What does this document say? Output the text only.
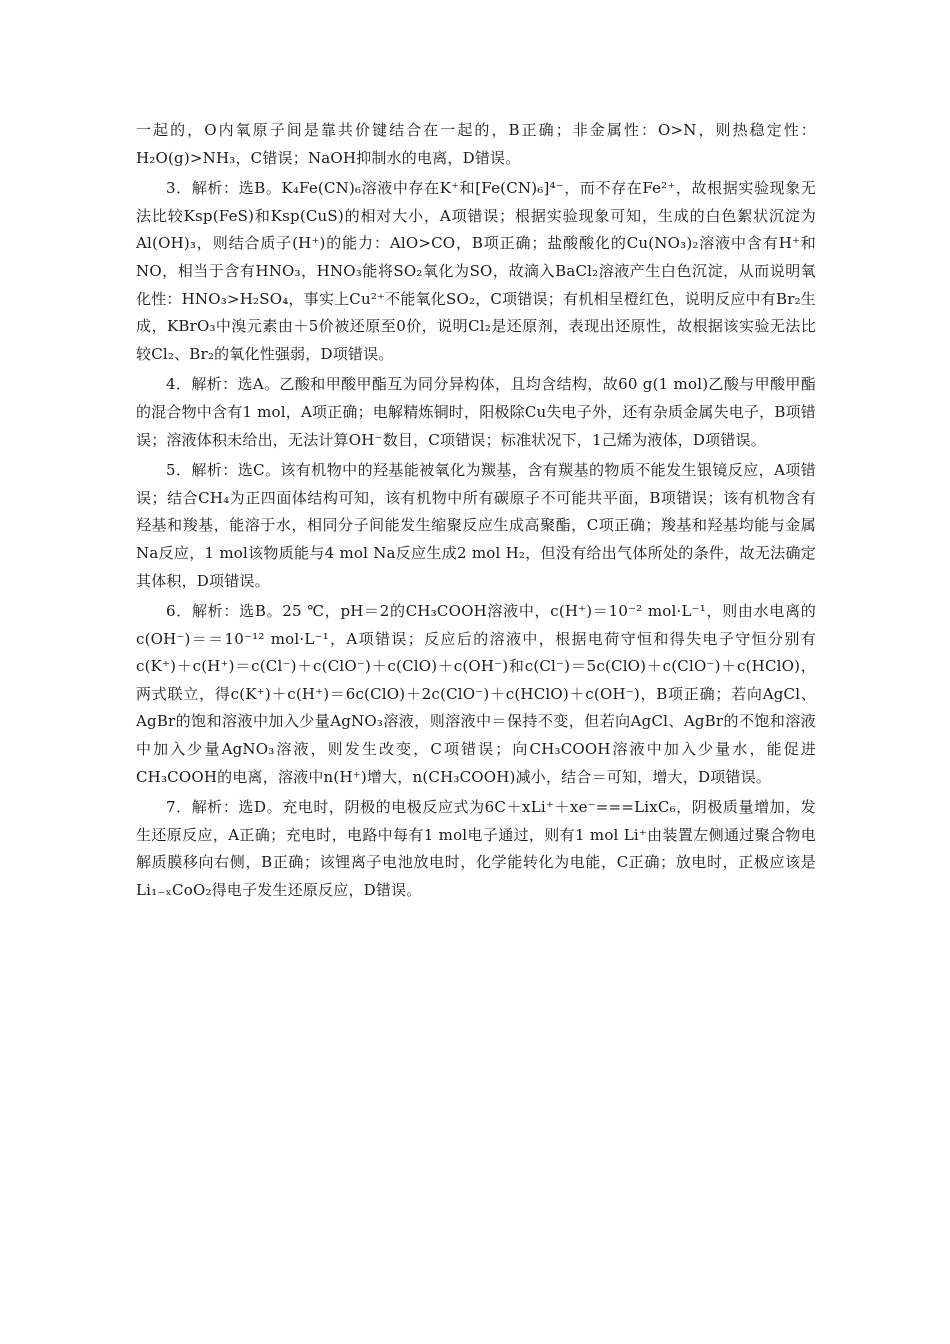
一起的，O内氧原子间是靠共价键结合在一起的，B正确；非金属性：O>N，则热稳定性：H₂O(g)>NH₃，C错误；NaOH抑制水的电离，D错误。

3．解析：选B。K₄Fe(CN)₆溶液中存在K⁺和[Fe(CN)₆]⁴⁻，而不存在Fe²⁺，故根据实验现象无法比较Ksp(FeS)和Ksp(CuS)的相对大小，A项错误；根据实验现象可知，生成的白色絮状沉淀为Al(OH)₃，则结合质子(H⁺)的能力：AlO>CO，B项正确；盐酸酸化的Cu(NO₃)₂溶液中含有H⁺和NO，相当于含有HNO₃，HNO₃能将SO₂氧化为SO，故滴入BaCl₂溶液产生白色沉淀，从而说明氧化性：HNO₃>H₂SO₄，事实上Cu²⁺不能氧化SO₂，C项错误；有机相呈橙红色，说明反应中有Br₂生成，KBrO₃中溴元素由＋5价被还原至0价，说明Cl₂是还原剂，表现出还原性，故根据该实验无法比较Cl₂、Br₂的氧化性强弱，D项错误。

4．解析：选A。乙酸和甲酸甲酯互为同分异构体，且均含结构，故60 g(1 mol)乙酸与甲酸甲酯的混合物中含有1 mol，A项正确；电解精炼铜时，阳极除Cu失电子外，还有杂质金属失电子，B项错误；溶液体积未给出，无法计算OH⁻数目，C项错误；标准状况下，1己烯为液体，D项错误。

5．解析：选C。该有机物中的羟基能被氧化为羰基，含有羰基的物质不能发生银镜反应，A项错误；结合CH₄为正四面体结构可知，该有机物中所有碳原子不可能共平面，B项错误；该有机物含有羟基和羧基，能溶于水，相同分子间能发生缩聚反应生成高聚酯，C项正确；羧基和羟基均能与金属Na反应，1 mol该物质能与4 mol Na反应生成2 mol H₂，但没有给出气体所处的条件，故无法确定其体积，D项错误。

6．解析：选B。25 ℃，pH＝2的CH₃COOH溶液中，c(H⁺)＝10⁻² mol·L⁻¹，则由水电离的c(OH⁻)＝＝10⁻¹² mol·L⁻¹，A项错误；反应后的溶液中，根据电荷守恒和得失电子守恒分别有c(K⁺)＋c(H⁺)＝c(Cl⁻)＋c(ClO⁻)＋c(ClO)＋c(OH⁻)和c(Cl⁻)＝5c(ClO)＋c(ClO⁻)＋c(HClO)，两式联立，得c(K⁺)＋c(H⁺)＝6c(ClO)＋2c(ClO⁻)＋c(HClO)＋c(OH⁻)，B项正确；若向AgCl、AgBr的饱和溶液中加入少量AgNO₃溶液，则溶液中＝保持不变，但若向AgCl、AgBr的不饱和溶液中加入少量AgNO₃溶液，则发生改变，C项错误；向CH₃COOH溶液中加入少量水，能促进CH₃COOH的电离，溶液中n(H⁺)增大，n(CH₃COOH)减小，结合＝可知，增大，D项错误。

7．解析：选D。充电时，阴极的电极反应式为6C＋xLi⁺＋xe⁻===LixC₆，阴极质量增加，发生还原反应，A正确；充电时，电路中每有1 mol电子通过，则有1 mol Li⁺由装置左侧通过聚合物电解质膜移向右侧，B正确；该锂离子电池放电时，化学能转化为电能，C正确；放电时，正极应该是Li₁₋ₓCoO₂得电子发生还原反应，D错误。
